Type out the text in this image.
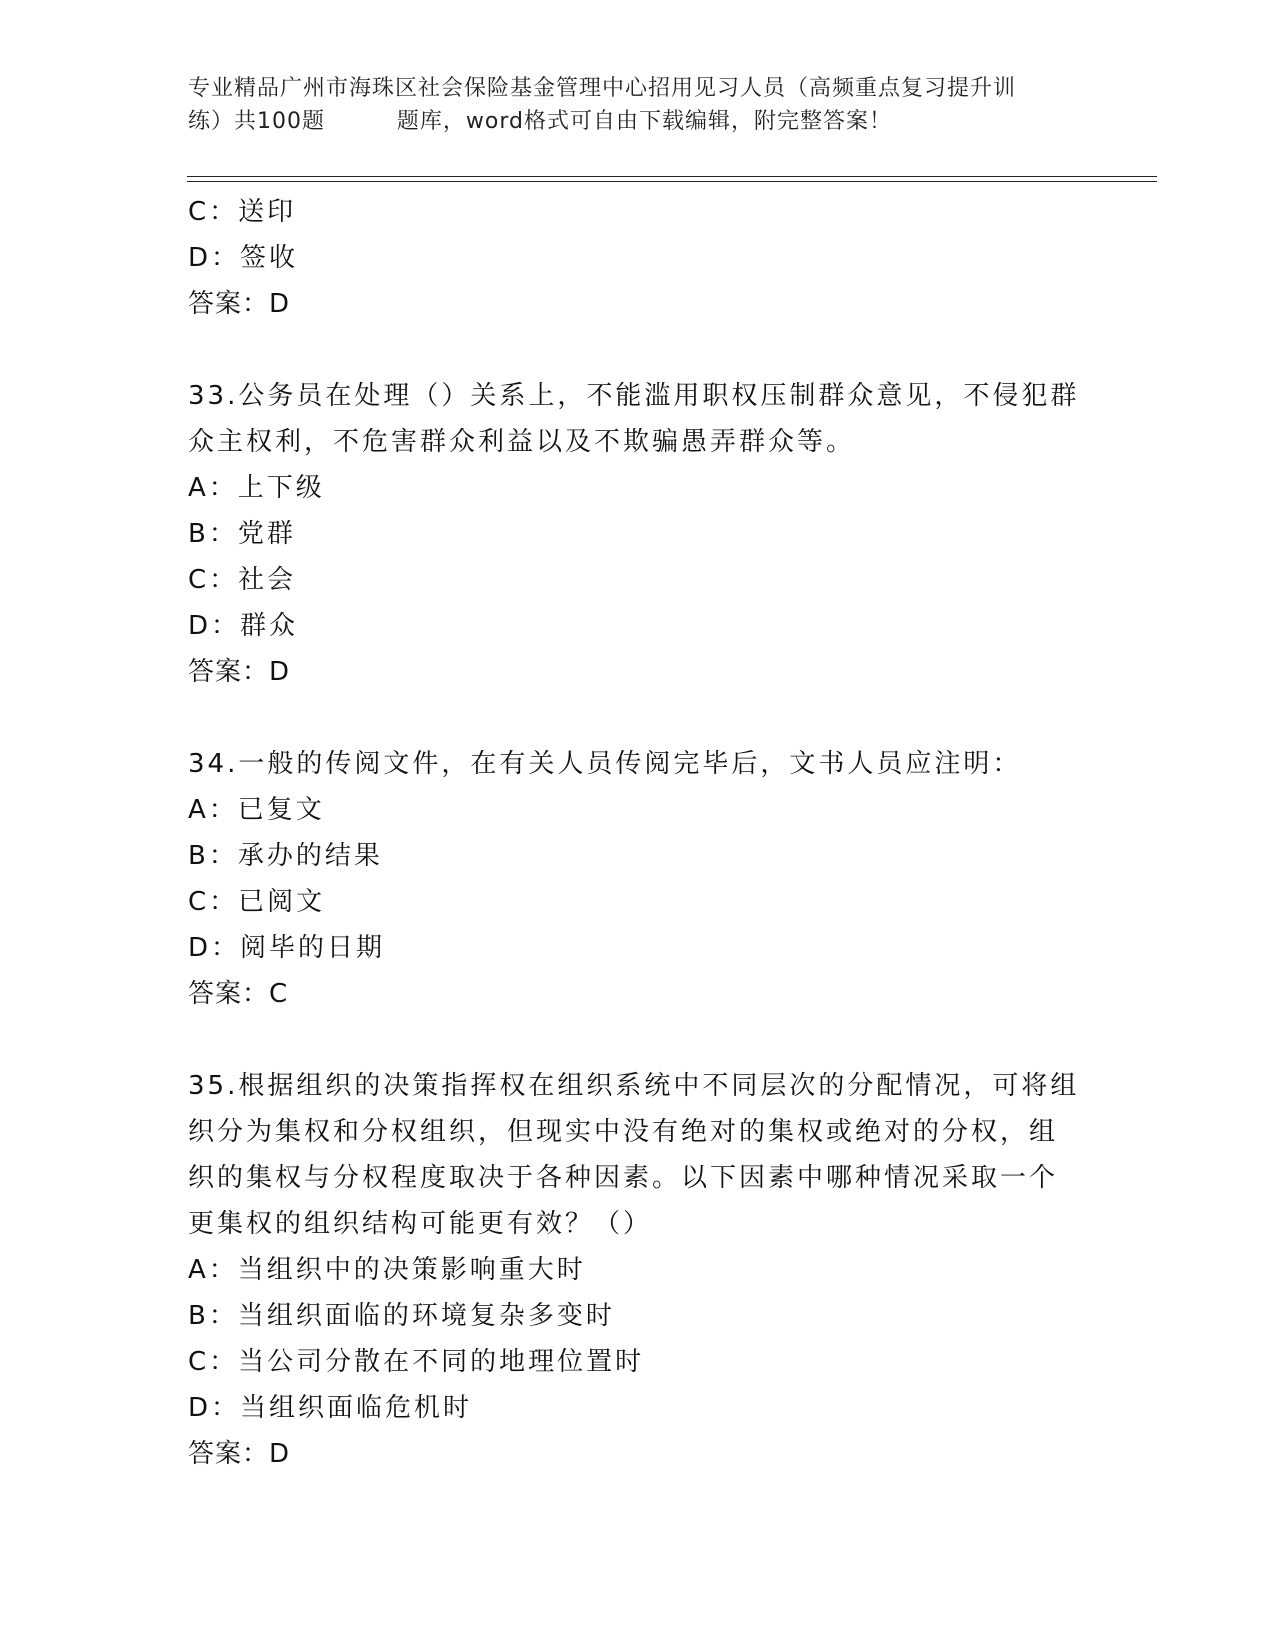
专业精品广州市海珠区社会保险基金管理中心招用见习人员（高频重点复习提升训
练）共100题         题库，word格式可自由下载编辑，附完整答案！
C：送印
D：签收
答案：D
33.公务员在处理（）关系上，不能滥用职权压制群众意见，不侵犯群
众主权利，不危害群众利益以及不欺骗愚弄群众等。
A：上下级
B：党群
C：社会
D：群众
答案：D
34.一般的传阅文件，在有关人员传阅完毕后，文书人员应注明：
A：已复文
B：承办的结果
C：已阅文
D：阅毕的日期
答案：C
35.根据组织的决策指挥权在组织系统中不同层次的分配情况，可将组
织分为集权和分权组织，但现实中没有绝对的集权或绝对的分权，组
织的集权与分权程度取决于各种因素。以下因素中哪种情况采取一个
更集权的组织结构可能更有效？（）
A：当组织中的决策影响重大时
B：当组织面临的环境复杂多变时
C：当公司分散在不同的地理位置时
D：当组织面临危机时
答案：D
